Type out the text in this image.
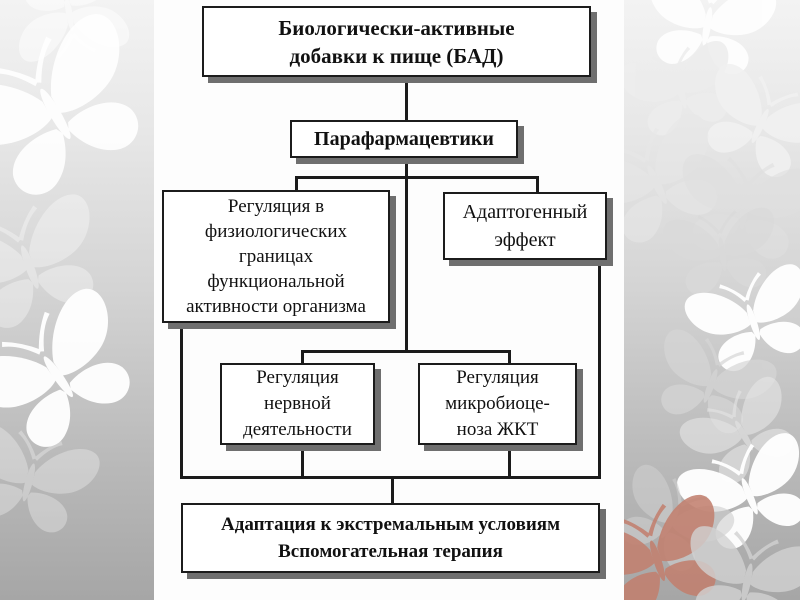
Биологически-активные
добавки к пище (БАД)
Парафармацевтики
Регуляция в
физиологических
границах
функциональной
активности организма
Адаптогенный
эффект
Регуляция
нервной
деятельности
Регуляция
микробиоце-
ноза ЖКТ
Адаптация к экстремальным условиям
Вспомогательная терапия
